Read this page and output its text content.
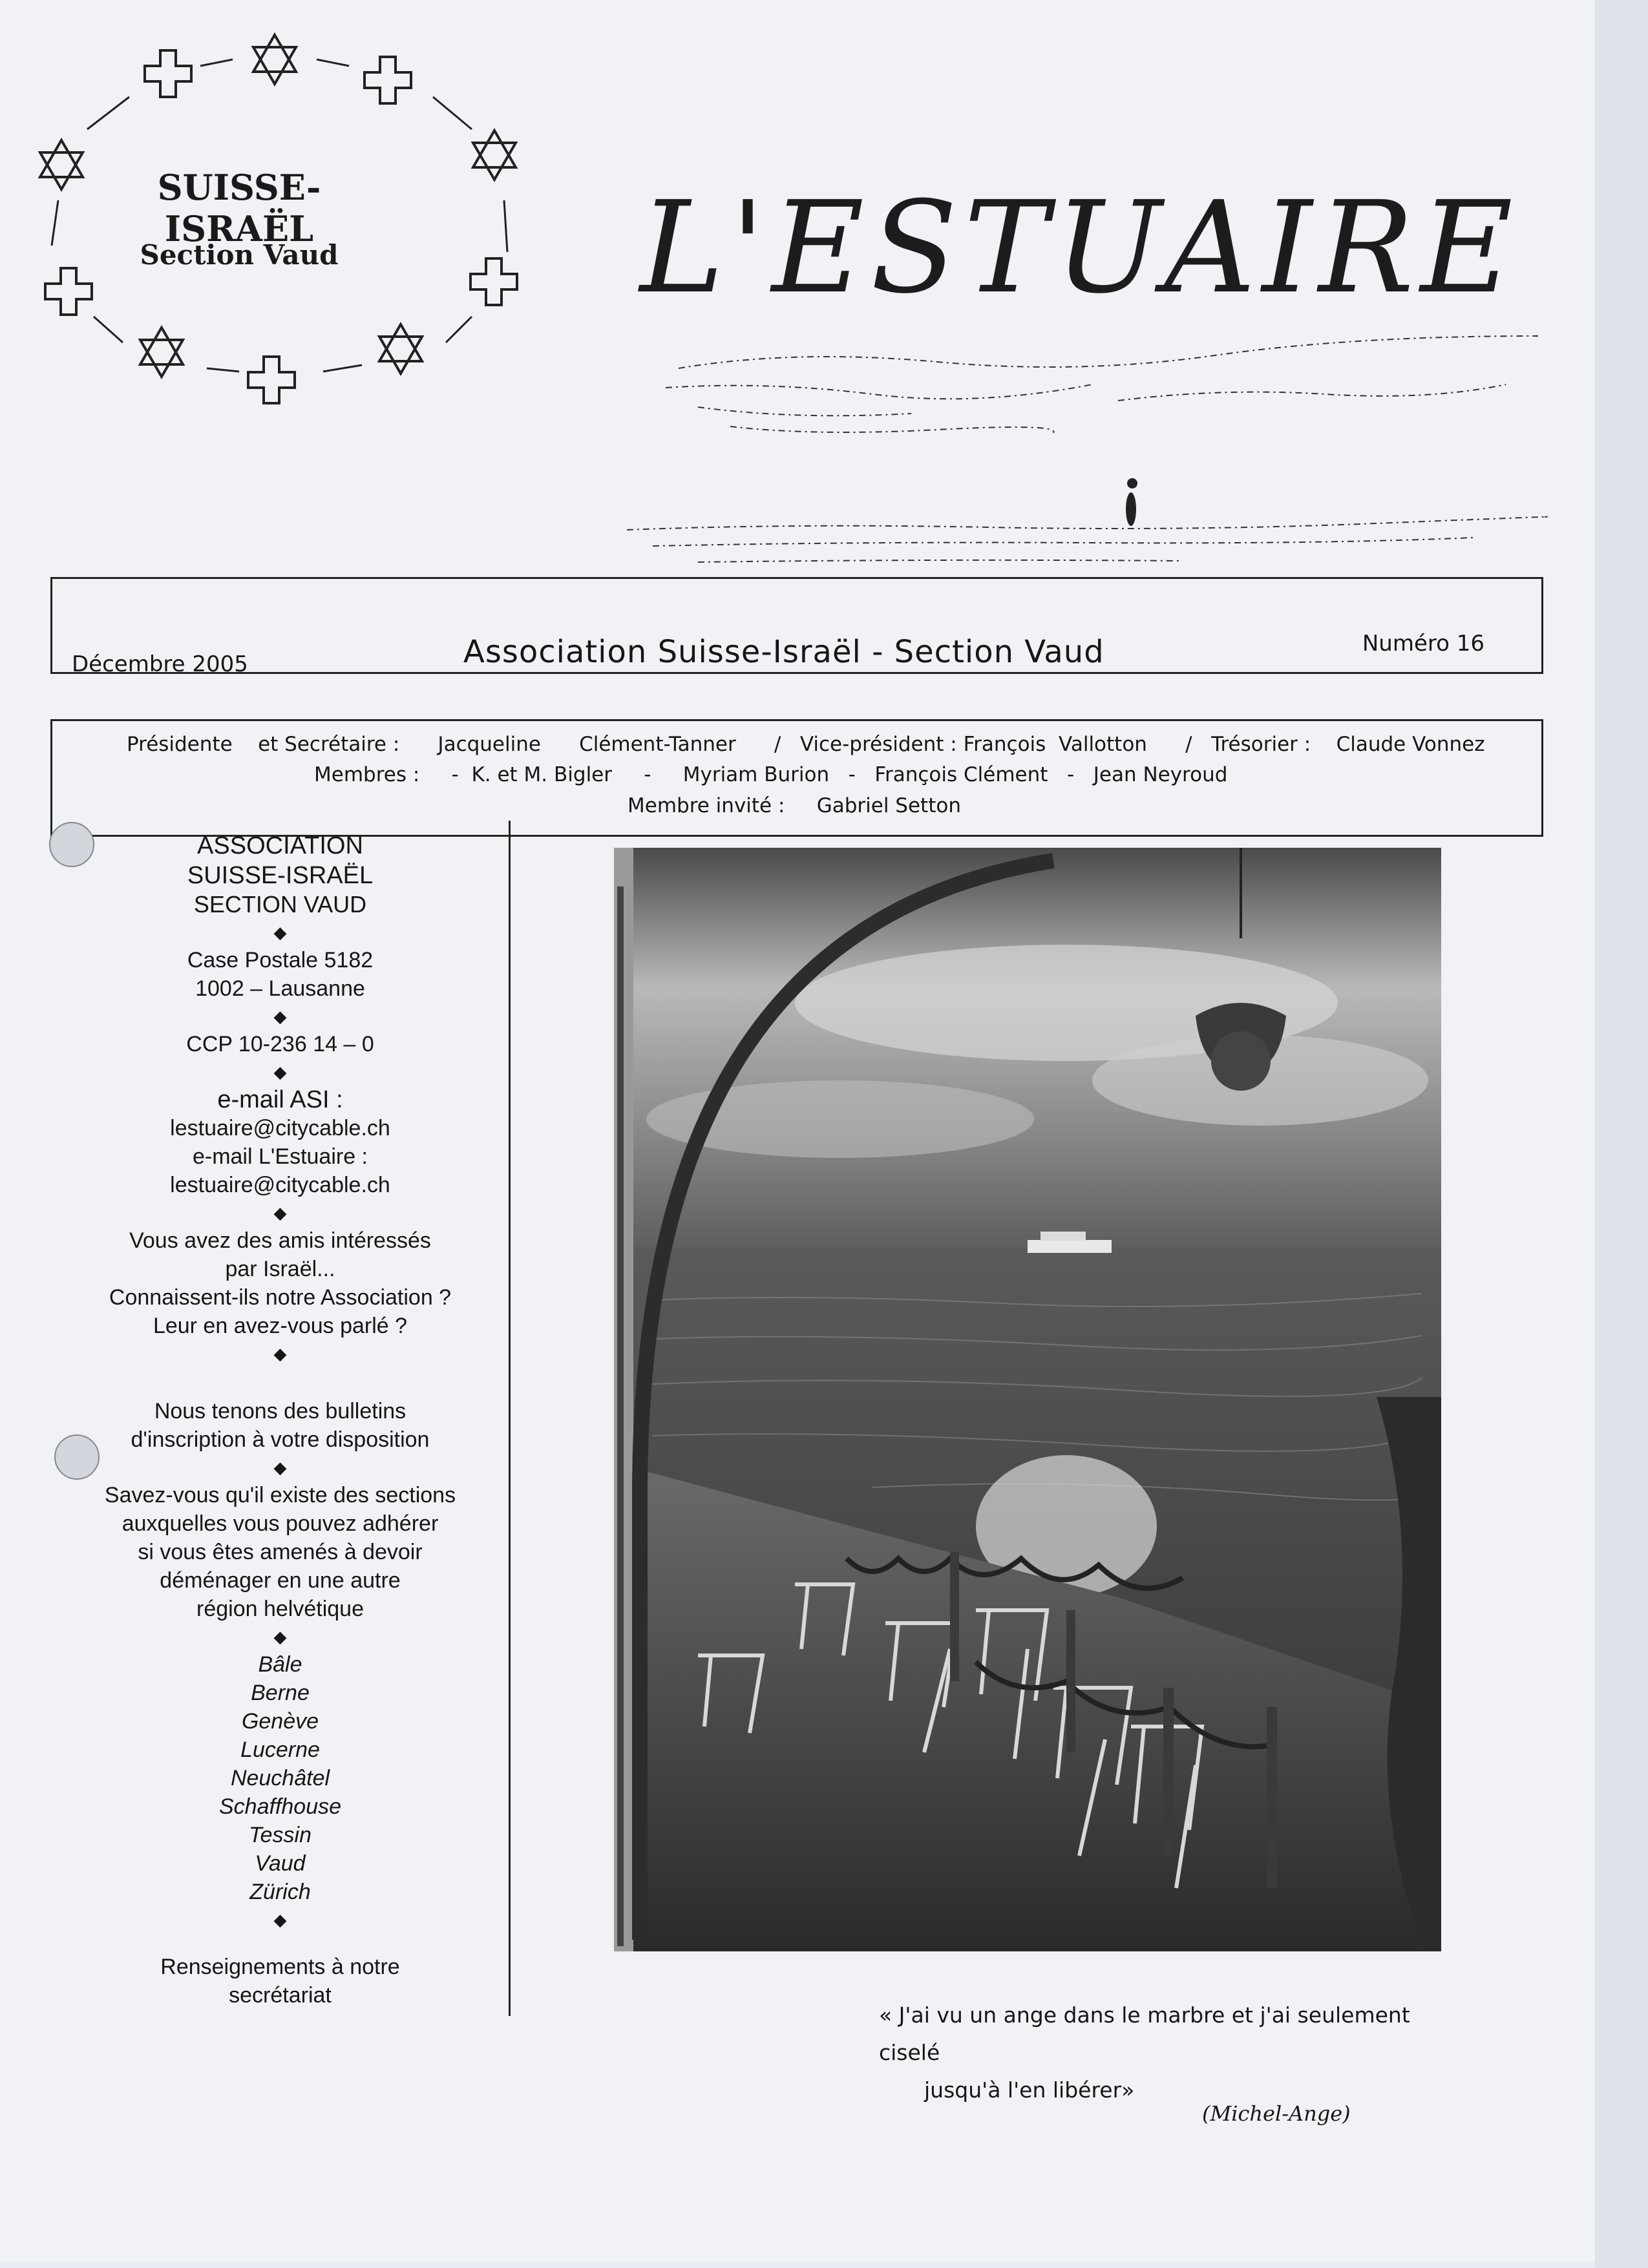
SUISSE-ISRAËL
Section Vaud L'ESTUAIRE
Décembre 2005	Association Suisse-Israël - Section Vaud	Numéro 16
Présidente    et Secrétaire :      Jacqueline      Clément-Tanner      /   Vice-président : François  Vallotton      /   Trésorier :    Claude Vonnez
Membres :     -  K. et M. Bigler     -     Myriam Burion   -   François Clément   -   Jean Neyroud
Membre invité :     Gabriel Setton

ASSOCIATION

SUISSE-ISRAËL

SECTION VAUD

◆

Case Postale 5182

1002 – Lausanne

◆

CCP 10-236 14 – 0

◆

e-mail ASI :

lestuaire@citycable.ch

e-mail L'Estuaire :

lestuaire@citycable.ch

◆

Vous avez des amis intéressés

par Israël...

Connaissent-ils notre Association ?

Leur en avez-vous parlé ?

◆

Nous tenons des bulletins

d'inscription à votre disposition

◆

Savez-vous qu'il existe des sections

auxquelles vous pouvez adhérer

si vous êtes amenés à devoir

déménager en une autre

région helvétique

◆

Bâle

Berne

Genève

Lucerne

Neuchâtel

Schaffhouse

Tessin

Vaud

Zürich

◆

Renseignements à notre

secrétariat

« J'ai vu un ange dans le marbre et j'ai seulement ciselé
jusqu'à l'en libérer»
(Michel-Ange)
